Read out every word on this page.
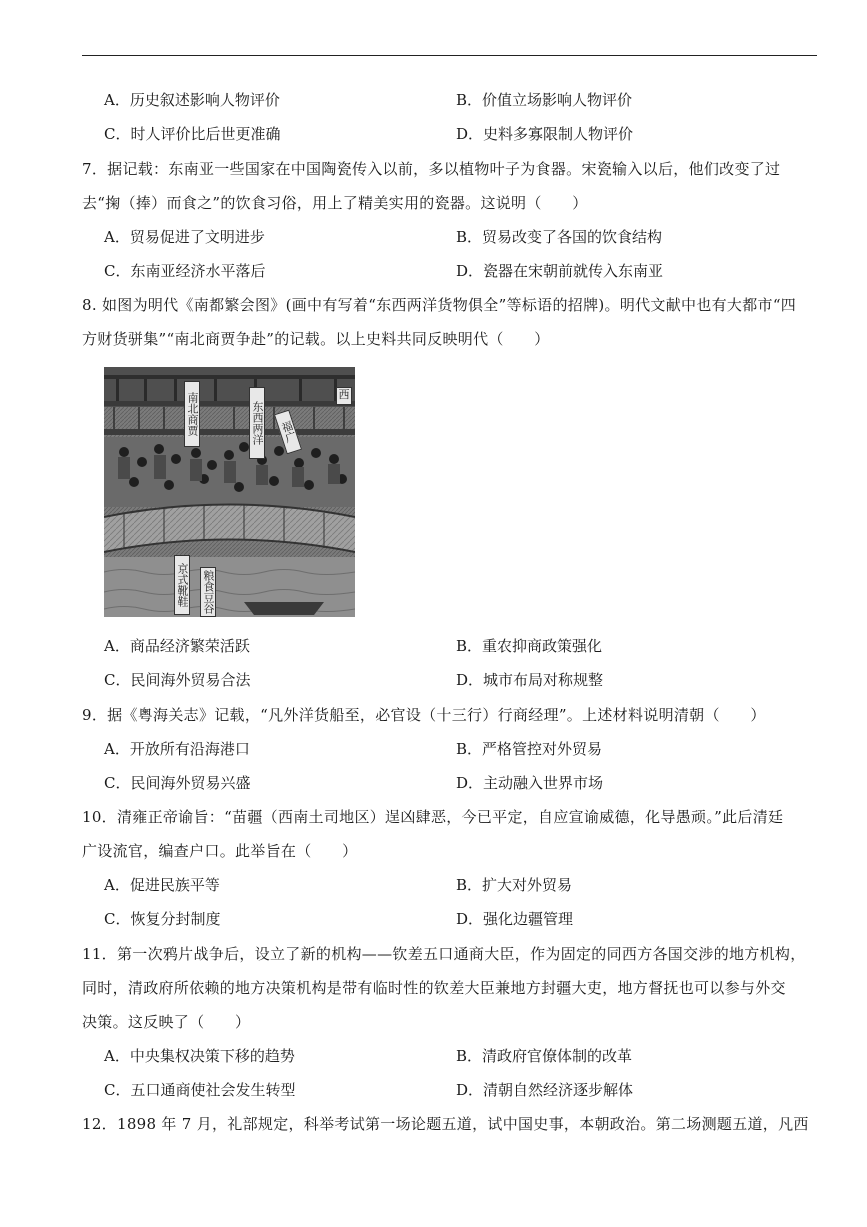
A．历史叙述影响人物评价	B．价值立场影响人物评价
C．时人评价比后世更准确	D．史料多寡限制人物评价
7．据记载：东南亚一些国家在中国陶瓷传入以前，多以植物叶子为食器。宋瓷输入以后，他们改变了过
去“掬（捧）而食之”的饮食习俗，用上了精美实用的瓷器。这说明（　　）
A．贸易促进了文明进步	B．贸易改变了各国的饮食结构
C．东南亚经济水平落后	D．瓷器在宋朝前就传入东南亚
8. 如图为明代《南都繁会图》(画中有写着“东西两洋货物俱全”等标语的招牌)。明代文献中也有大都市“四
方财货骈集”“南北商贾争赴”的记载。以上史料共同反映明代（　　）
南北商贾	东西两洋	福广
京式靴鞋 粮食豆谷
西
A．商品经济繁荣活跃	B．重农抑商政策强化
C．民间海外贸易合法	D．城市布局对称规整
9．据《粤海关志》记载，“凡外洋货船至，必官设（十三行）行商经理”。上述材料说明清朝（　　）
A．开放所有沿海港口	B．严格管控对外贸易
C．民间海外贸易兴盛	D．主动融入世界市场
10．清雍正帝谕旨：“苗疆（西南土司地区）逞凶肆恶，今已平定，自应宣谕威德，化导愚顽。”此后清廷
广设流官，编查户口。此举旨在（　　）
A．促进民族平等	B．扩大对外贸易
C．恢复分封制度	D．强化边疆管理
11．第一次鸦片战争后，设立了新的机构——钦差五口通商大臣，作为固定的同西方各国交涉的地方机构，
同时，清政府所依赖的地方决策机构是带有临时性的钦差大臣兼地方封疆大吏，地方督抚也可以参与外交
决策。这反映了（　　）
A．中央集权决策下移的趋势	B．清政府官僚体制的改革
C．五口通商使社会发生转型	D．清朝自然经济逐步解体
12．1898 年 7 月，礼部规定，科举考试第一场论题五道，试中国史事，本朝政治。第二场测题五道，凡西
